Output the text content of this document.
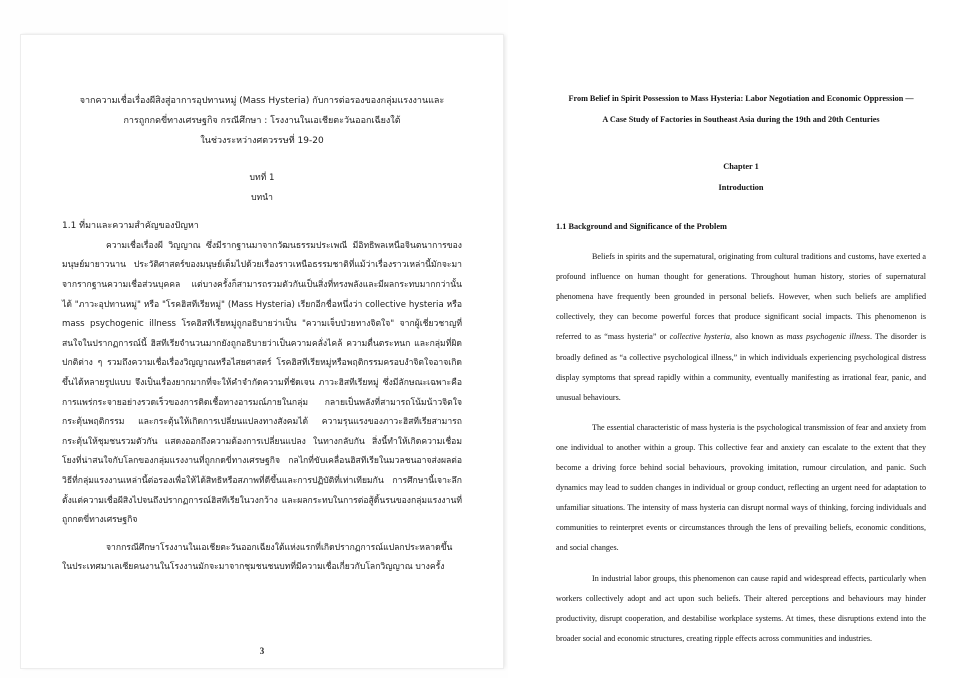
จากความเชื่อเรื่องผีสิงสู่อาการอุปทานหมู่ (Mass Hysteria) กับการต่อรองของกลุ่มแรงงานและ
การถูกกดขี่ทางเศรษฐกิจ กรณีศึกษา : โรงงานในเอเชียตะวันออกเฉียงใต้
ในช่วงระหว่างศตวรรษที่ 19-20
บทที่ 1
บทนำ
1.1 ที่มาและความสำคัญของปัญหา
ความเชื่อเรื่องผี วิญญาณ ซึ่งมีรากฐานมาจากวัฒนธรรมประเพณี มีอิทธิพลเหนือจินตนาการของมนุษย์มายาวนาน ประวัติศาสตร์ของมนุษย์เต็มไปด้วยเรื่องราวเหนือธรรมชาติที่แม้ว่าเรื่องราวเหล่านี้มักจะมาจากรากฐานความเชื่อส่วนบุคคล แต่บางครั้งก็สามารถรวมตัวกันเป็นสิ่งที่ทรงพลังและมีผลกระทบมากกว่านั้นได้ "ภาวะอุปทานหมู่" หรือ "โรคฮิสทีเรียหมู่" (Mass Hysteria) เรียกอีกชื่อหนึ่งว่า collective hysteria หรือ mass psychogenic illness โรคฮิสทีเรียหมู่ถูกอธิบายว่าเป็น "ความเจ็บป่วยทางจิตใจ" จากผู้เชี่ยวชาญที่สนใจในปรากฏการณ์นี้ ฮิสทีเรียจำนวนมากยังถูกอธิบายว่าเป็นความคลั่งไคล้ ความตื่นตระหนก และกลุ่มที่ผิดปกติต่าง ๆ รวมถึงความเชื่อเรื่องวิญญาณหรือไสยศาสตร์ โรคฮิสทีเรียหมู่หรือพฤติกรรมครอบงำจิตใจอาจเกิดขึ้นได้หลายรูปแบบ จึงเป็นเรื่องยากมากที่จะให้คำจำกัดความที่ชัดเจน ภาวะฮิสทีเรียหมู่ ซึ่งมีลักษณะเฉพาะคือการแพร่กระจายอย่างรวดเร็วของการติดเชื้อทางอารมณ์ภายในกลุ่ม กลายเป็นพลังที่สามารถโน้มน้าวจิตใจ กระตุ้นพฤติกรรม และกระตุ้นให้เกิดการเปลี่ยนแปลงทางสังคมได้ ความรุนแรงของภาวะฮิสทีเรียสามารถกระตุ้นให้ชุมชนรวมตัวกัน แสดงออกถึงความต้องการเปลี่ยนแปลง ในทางกลับกัน สิ่งนี้ทำให้เกิดความเชื่อมโยงที่น่าสนใจกับโลกของกลุ่มแรงงานที่ถูกกดขี่ทางเศรษฐกิจ กลไกที่ขับเคลื่อนฮิสทีเรียในมวลชนอาจส่งผลต่อวิธีที่กลุ่มแรงงานเหล่านี้ต่อรองเพื่อให้ได้สิทธิหรือสภาพที่ดีขึ้นและการปฏิบัติที่เท่าเทียมกัน การศึกษานี้เจาะลึกตั้งแต่ความเชื่อผีสิงไปจนถึงปรากฏการณ์ฮิสทีเรียในวงกว้าง และผลกระทบในการต่อสู้ดิ้นรนของกลุ่มแรงงานที่ถูกกดขี่ทางเศรษฐกิจ
จากกรณีศึกษาโรงงานในเอเชียตะวันออกเฉียงใต้แห่งแรกที่เกิดปรากฏการณ์แปลกประหลาดขึ้นในประเทศมาเลเซียคนงานในโรงงานมักจะมาจากชุมชนชนบทที่มีความเชื่อเกี่ยวกับโลกวิญญาณ บางครั้ง
3
From Belief in Spirit Possession to Mass Hysteria: Labor Negotiation and Economic Oppression —
A Case Study of Factories in Southeast Asia during the 19th and 20th Centuries
Chapter 1
Introduction
1.1 Background and Significance of the Problem
Beliefs in spirits and the supernatural, originating from cultural traditions and customs, have exerted a profound influence on human thought for generations. Throughout human history, stories of supernatural phenomena have frequently been grounded in personal beliefs. However, when such beliefs are amplified collectively, they can become powerful forces that produce significant social impacts. This phenomenon is referred to as “mass hysteria” or collective hysteria, also known as mass psychogenic illness. The disorder is broadly defined as “a collective psychological illness,” in which individuals experiencing psychological distress display symptoms that spread rapidly within a community, eventually manifesting as irrational fear, panic, and unusual behaviours.
The essential characteristic of mass hysteria is the psychological transmission of fear and anxiety from one individual to another within a group. This collective fear and anxiety can escalate to the extent that they become a driving force behind social behaviours, provoking imitation, rumour circulation, and panic. Such dynamics may lead to sudden changes in individual or group conduct, reflecting an urgent need for adaptation to unfamiliar situations. The intensity of mass hysteria can disrupt normal ways of thinking, forcing individuals and communities to reinterpret events or circumstances through the lens of prevailing beliefs, economic conditions, and social changes.
In industrial labor groups, this phenomenon can cause rapid and widespread effects, particularly when workers collectively adopt and act upon such beliefs. Their altered perceptions and behaviours may hinder productivity, disrupt cooperation, and destabilise workplace systems. At times, these disruptions extend into the broader social and economic structures, creating ripple effects across communities and industries.
